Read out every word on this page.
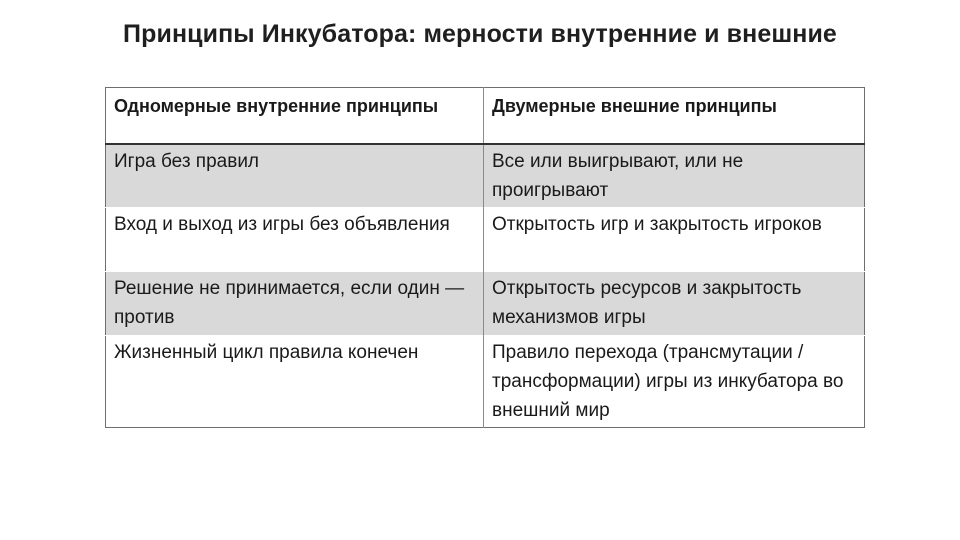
Принципы Инкубатора: мерности внутренние и внешние
Одномерные внутренние принципы	Двумерные внешние принципы
Игра без правил	Все или выигрывают, или не проигрывают
Вход и выход из игры без объявления	Открытость игр и закрытость игроков
Решение не принимается, если один — против	Открытость ресурсов и закрытость механизмов игры
Жизненный цикл правила конечен	Правило перехода (трансмутации / трансформации) игры из инкубатора во внешний мир
